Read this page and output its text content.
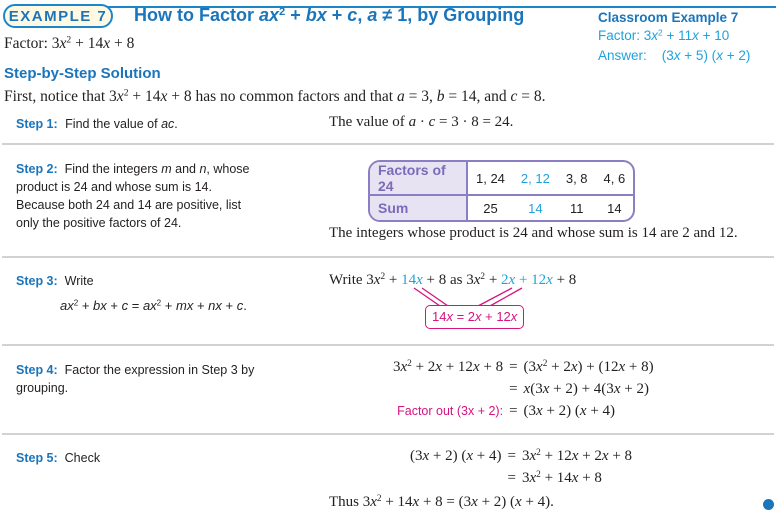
EXAMPLE 7 How to Factor $ax^2$ + bx + c, a ≠ 1, by Grouping	Classroom Example 7
Factor: $3x^2 + 11x + 10$
Answer:    (3x + 5) (x + 2)
Factor: $3x^2 + 14x + 8$
Step-by-Step Solution
First, notice that $3x^2 + 14x + 8$ has no common factors and that a = 3, b = 14, and c = 8.
Step 1:  Find the value of ac.	The value of a · c = 3 · 8 = 24.
Step 2:  Find the integers m and n, whose
product is 24 and whose sum is 14.
Because both 24 and 14 are positive, list
only the positive factors of 24.
Factors of 24	1, 24	2, 12	3, 8	4, 6
Sum	25	14	11	14
The integers whose product is 24 and whose sum is 14 are 2 and 12.
Step 3: Write
$ax^2$ + bx + $c = ax^2$ + mx + nx + c.
Write $3x^2 + 14x + 8$ as $3x^2 + 2x + 12x + 8$
14x = 2x + 12x
Step 4:  Factor the expression in Step 3 by
grouping.
$3x^2 + 2x + 12x + 8$	=	$(3x^2 + 2x) + (12x + 8)$
	=	x(3x + 2) + 4(3x + 2)
Factor out (3x + 2):	=	(3x + 2) (x + 4)
Step 5: Check	(3x + 2) (x + 4)	=	$3x^2 + 12x + 2x + 8$
	=	$3x^2 + 14x + 8$
Thus $3x^2 + 14x + 8 = (3x + 2) (x + 4)$.
